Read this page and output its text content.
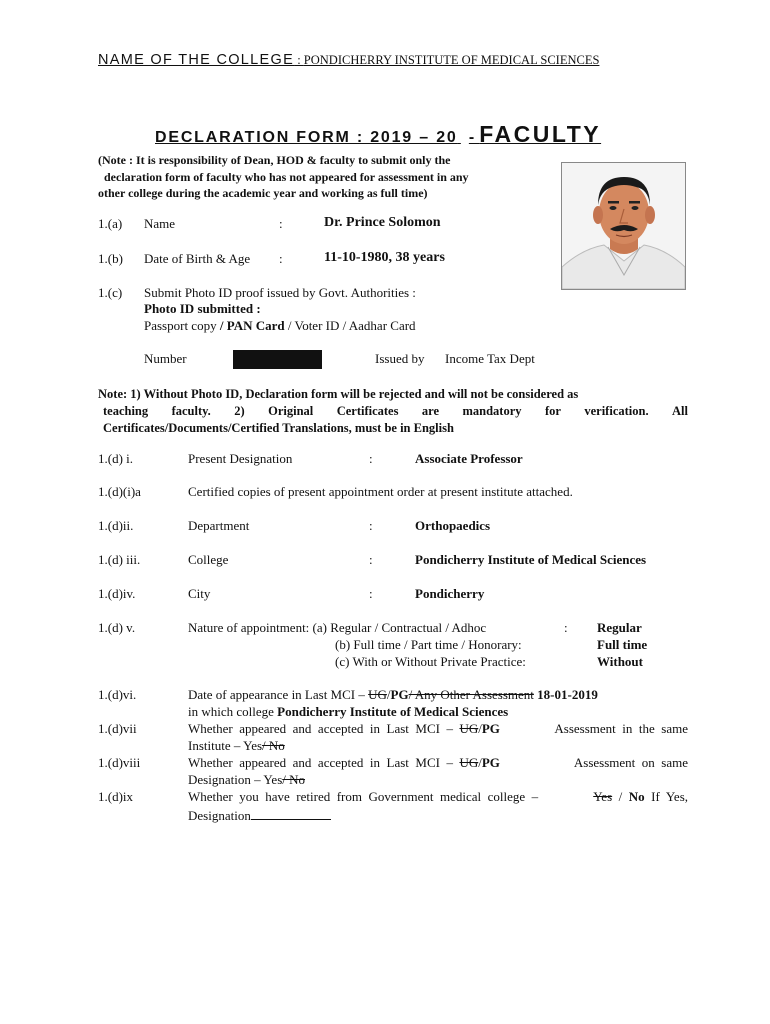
NAME OF THE COLLEGE : PONDICHERRY INSTITUTE OF MEDICAL SCIENCES
DECLARATION FORM : 2019 – 20 - FACULTY
(Note : It is responsibility of Dean, HOD & faculty to submit only the
declaration form of faculty who has not appeared for assessment in any
other college during the academic year and working as full time)
1.(a) Name	:	Dr. Prince Solomon
1.(b) Date of Birth & Age :	11-10-1980, 38 years
1.(c) Submit Photo ID proof issued by Govt. Authorities :
Photo ID submitted :
Passport copy / PAN Card / Voter ID / Aadhar Card
Number	Issued by Income Tax Dept
Note: 1) Without Photo ID, Declaration form will be rejected and will not be considered as
teaching faculty. 2) Original Certificates are mandatory for verification. All
Certificates/Documents/Certified Translations, must be in English
1.(d) i.	Present Designation	:	Associate Professor
1.(d)(i)a	Certified copies of present appointment order at present institute attached.
1.(d)ii.	Department	:	Orthopaedics
1.(d) iii.	College	:	Pondicherry Institute of Medical Sciences
1.(d)iv.	City	:	Pondicherry
1.(d) v.	Nature of appointment: (a) Regular / Contractual / Adhoc	: Regular
(b) Full time / Part time / Honorary:	Full time
(c) With or Without Private Practice:	Without
1.(d)vi.	Date of appearance in Last MCI – UG/PG/ Any Other Assessment 18-01-2019
in which college Pondicherry Institute of Medical Sciences
1.(d)vii	Whether  appeared  and  accepted  in  Last  MCI  –  UG/PG	Assessment  in  the  same
Institute – Yes/ No
1.(d)viii	Whether  appeared  and  accepted  in  Last  MCI  –  UG/PG	Assessment  on  same
Designation – Yes/ No
1.(d)ix	Whether  you  have  retired  from  Government  medical  college  –	Yes  /  No  If  Yes,
Designation
